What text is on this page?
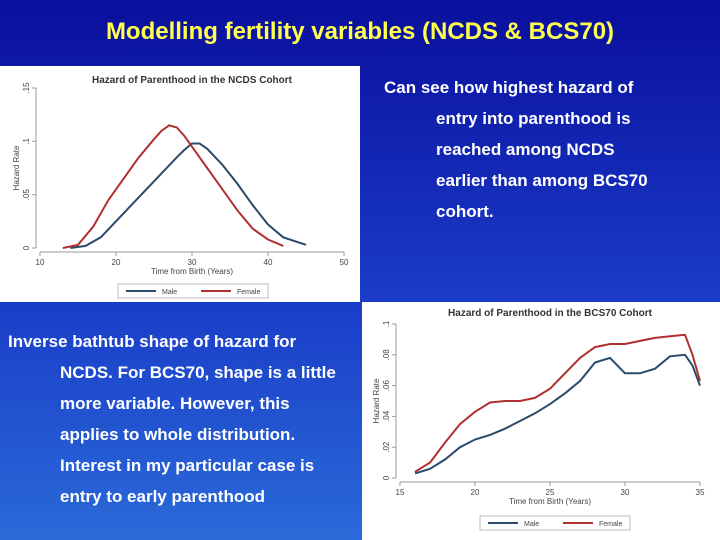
Modelling fertility variables (NCDS & BCS70)
Hazard of Parenthood in the NCDS Cohort
10	20	30	40	50
0
.05
.1
.15
Hazard Rate
Time from Birth (Years)
Male	Female
Can see how highest hazard of
entry into parenthood is
reached among NCDS
earlier than among BCS70
cohort.
Hazard of Parenthood in the BCS70 Cohort
15	20	25	30	35
0
.02
.04
.06
.08
.1
Hazard Rate
Time from Birth (Years)
Male	Female
Inverse bathtub shape of hazard for
NCDS. For BCS70, shape is a little
more variable. However, this
applies to whole distribution.
Interest in my particular case is
entry to early parenthood
